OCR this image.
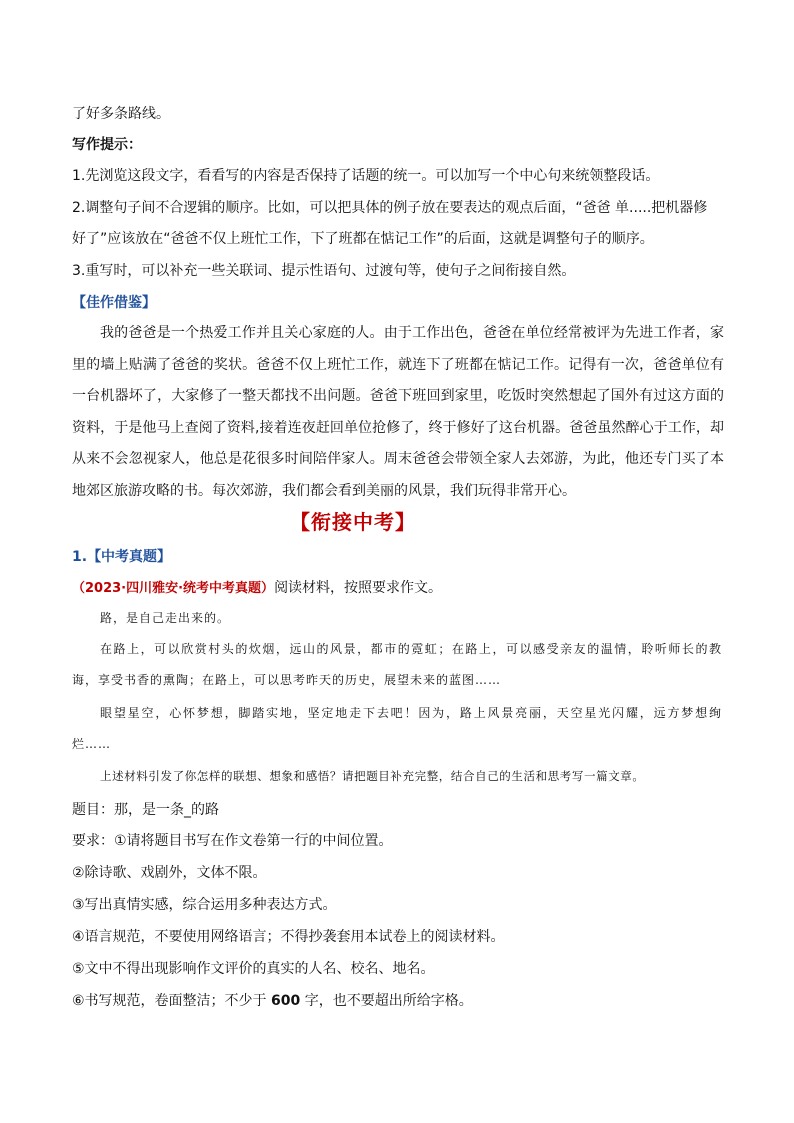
了好多条路线。
写作提示：
1.先浏览这段文字，看看写的内容是否保持了话题的统一。可以加写一个中心句来统领整段话。
2.调整句子间不合逻辑的顺序。比如，可以把具体的例子放在要表达的观点后面，“爸爸 单.....把机器修
好了”应该放在“爸爸不仅上班忙工作，下了班都在惦记工作”的后面，这就是调整句子的顺序。
3.重写时，可以补充一些关联词、提示性语句、过渡句等，使句子之间衔接自然。
【佳作借鉴】
我的爸爸是一个热爱工作并且关心家庭的人。由于工作出色，爸爸在单位经常被评为先进工作者，家里的墙上贴满了爸爸的奖状。爸爸不仅上班忙工作，就连下了班都在惦记工作。记得有一次，爸爸单位有一台机器坏了，大家修了一整天都找不出问题。爸爸下班回到家里，吃饭时突然想起了国外有过这方面的资料，于是他马上查阅了资料,接着连夜赶回单位抢修了，终于修好了这台机器。爸爸虽然醉心于工作，却从来不会忽视家人，他总是花很多时间陪伴家人。周末爸爸会带领全家人去郊游，为此，他还专门买了本地郊区旅游攻略的书。每次郊游，我们都会看到美丽的风景，我们玩得非常开心。
【衔接中考】
1.【中考真题】
（2023·四川雅安·统考中考真题）阅读材料，按照要求作文。
路，是自己走出来的。
在路上，可以欣赏村头的炊烟，远山的风景，都市的霓虹；在路上，可以感受亲友的温情，聆听师长的教诲，享受书香的熏陶；在路上，可以思考昨天的历史，展望未来的蓝图……
眼望星空，心怀梦想，脚踏实地，坚定地走下去吧！因为，路上风景亮丽，天空星光闪耀，远方梦想绚烂……
上述材料引发了你怎样的联想、想象和感悟？请把题目补充完整，结合自己的生活和思考写一篇文章。
题目：那，是一条_的路
要求：①请将题目书写在作文卷第一行的中间位置。
②除诗歌、戏剧外，文体不限。
③写出真情实感，综合运用多种表达方式。
④语言规范，不要使用网络语言；不得抄袭套用本试卷上的阅读材料。
⑤文中不得出现影响作文评价的真实的人名、校名、地名。
⑥书写规范，卷面整洁；不少于 600 字，也不要超出所给字格。
